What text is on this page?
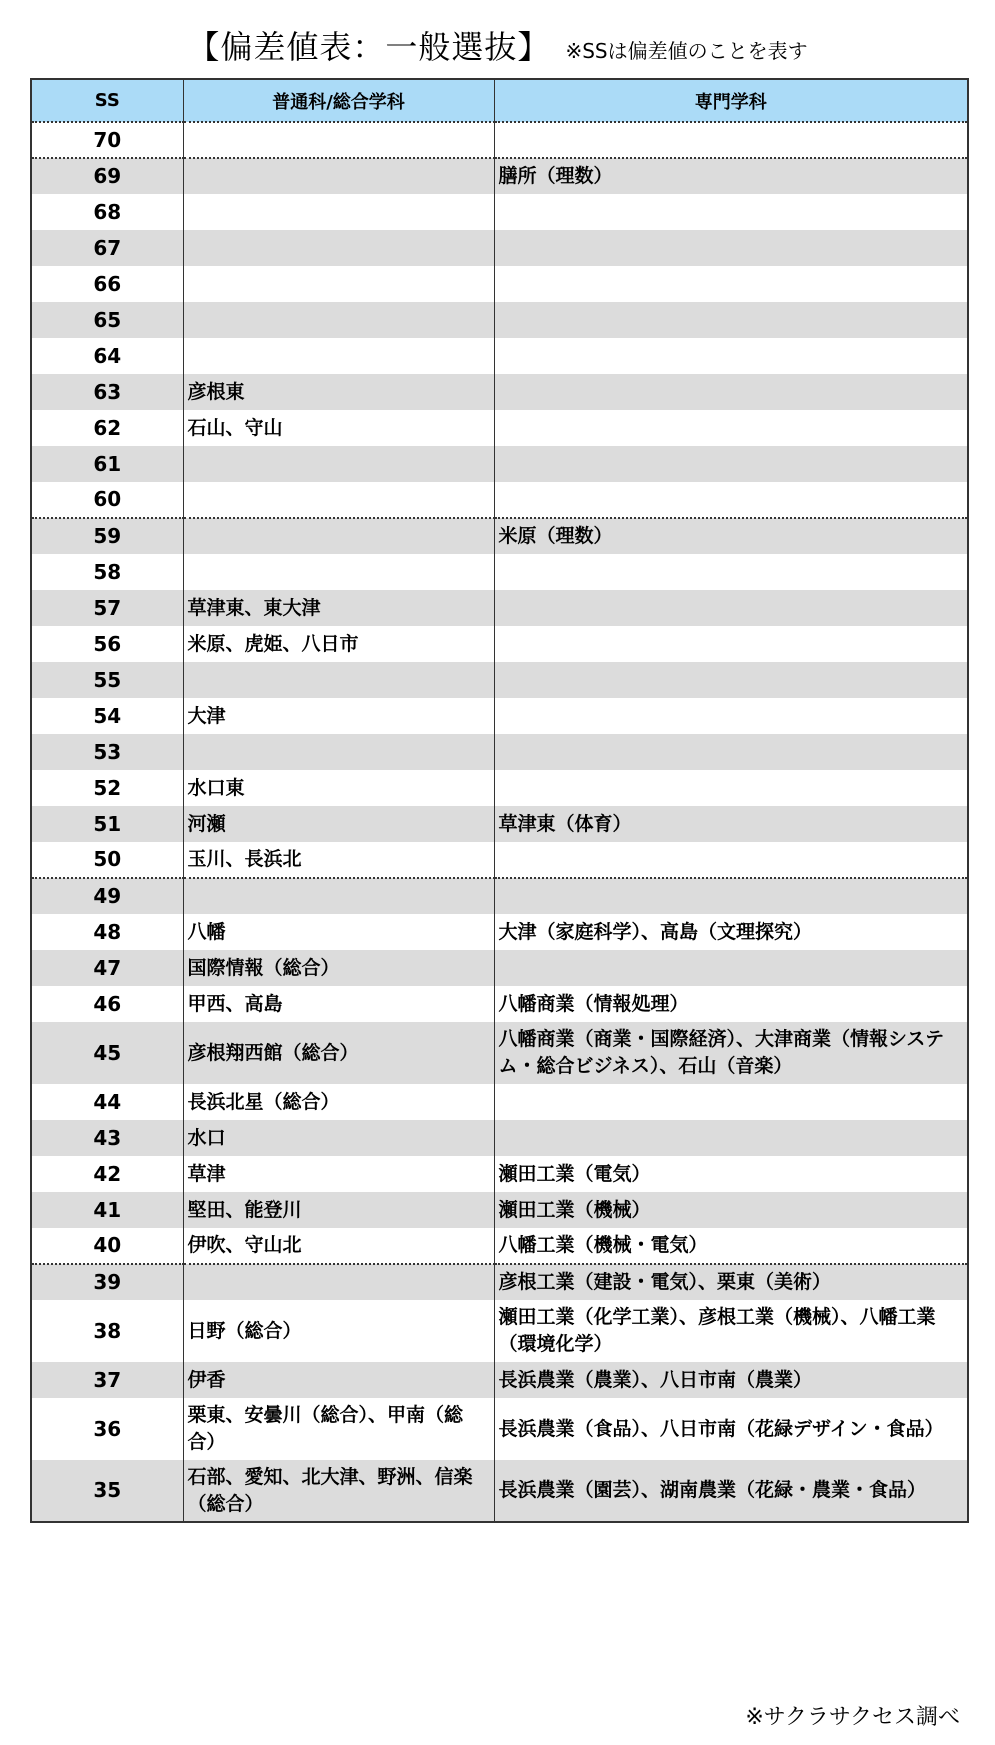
【偏差値表：一般選抜】 ※SSは偏差値のことを表す
SS	普通科/総合学科	専門学科
70		
69		膳所（理数）
68		
67		
66		
65		
64		
63	彦根東	
62	石山、守山	
61		
60		
59		米原（理数）
58		
57	草津東、東大津	
56	米原、虎姫、八日市	
55		
54	大津	
53		
52	水口東	
51	河瀬	草津東（体育）
50	玉川、長浜北	
49		
48	八幡	大津（家庭科学）、高島（文理探究）
47	国際情報（総合）	
46	甲西、高島	八幡商業（情報処理）
45	彦根翔西館（総合）	八幡商業（商業・国際経済）、大津商業（情報システム・総合ビジネス）、石山（音楽）
44	長浜北星（総合）	
43	水口	
42	草津	瀬田工業（電気）
41	堅田、能登川	瀬田工業（機械）
40	伊吹、守山北	八幡工業（機械・電気）
39		彦根工業（建設・電気）、栗東（美術）
38	日野（総合）	瀬田工業（化学工業）、彦根工業（機械）、八幡工業（環境化学）
37	伊香	長浜農業（農業）、八日市南（農業）
36	栗東、安曇川（総合）、甲南（総合）	長浜農業（食品）、八日市南（花緑デザイン・食品）
35	石部、愛知、北大津、野洲、信楽（総合）	長浜農業（園芸）、湖南農業（花緑・農業・食品）
※サクラサクセス調べ
